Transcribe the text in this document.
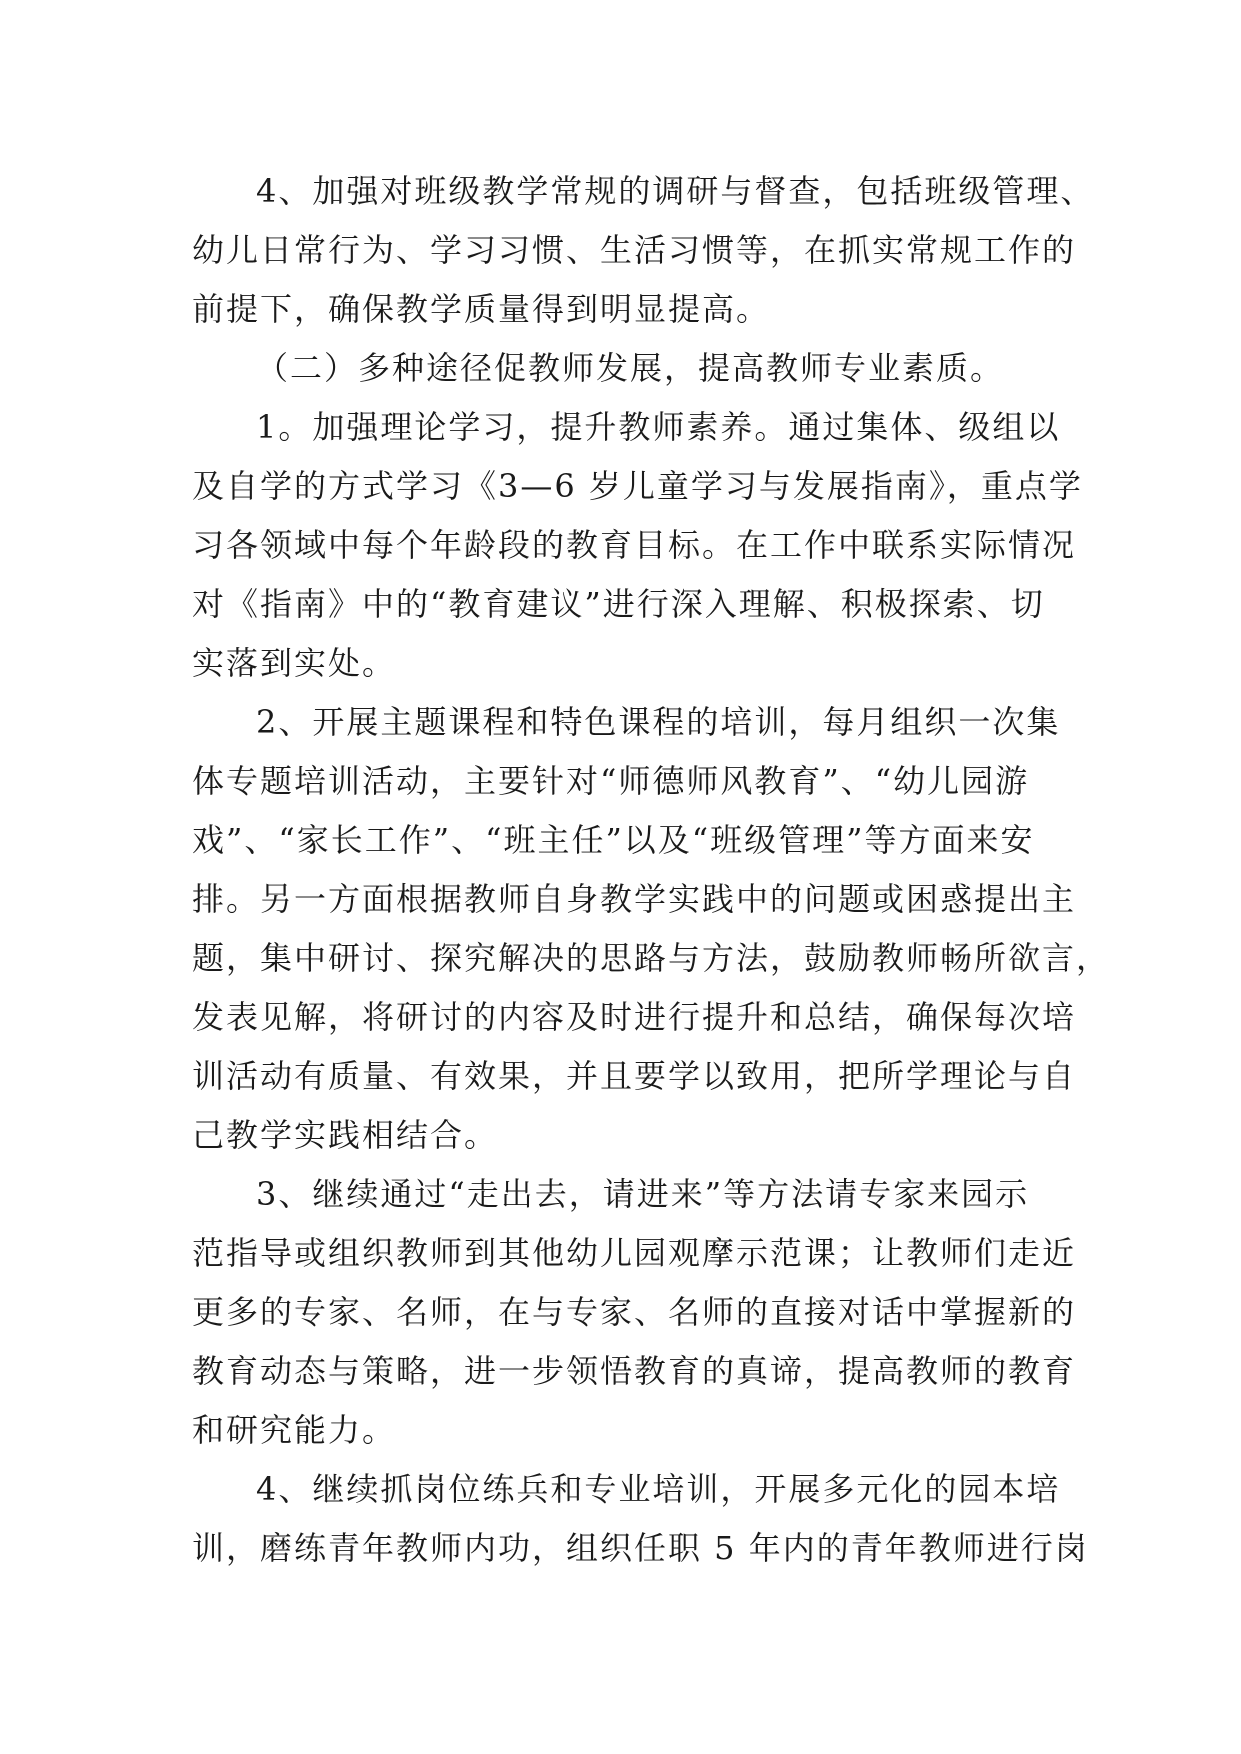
4、加强对班级教学常规的调研与督查，包括班级管理、
幼儿日常行为、学习习惯、生活习惯等，在抓实常规工作的
前提下，确保教学质量得到明显提高。
（二）多种途径促教师发展，提高教师专业素质。
1。加强理论学习，提升教师素养。通过集体、级组以
及自学的方式学习《3—6 岁儿童学习与发展指南》，重点学
习各领域中每个年龄段的教育目标。在工作中联系实际情况
对《指南》中的“教育建议”进行深入理解、积极探索、切
实落到实处。
2、开展主题课程和特色课程的培训，每月组织一次集
体专题培训活动，主要针对“师德师风教育”、“幼儿园游
戏”、“家长工作”、“班主任”以及“班级管理”等方面来安
排。另一方面根据教师自身教学实践中的问题或困惑提出主
题，集中研讨、探究解决的思路与方法，鼓励教师畅所欲言，
发表见解，将研讨的内容及时进行提升和总结，确保每次培
训活动有质量、有效果，并且要学以致用，把所学理论与自
己教学实践相结合。
3、继续通过“走出去，请进来”等方法请专家来园示
范指导或组织教师到其他幼儿园观摩示范课；让教师们走近
更多的专家、名师，在与专家、名师的直接对话中掌握新的
教育动态与策略，进一步领悟教育的真谛，提高教师的教育
和研究能力。
4、继续抓岗位练兵和专业培训，开展多元化的园本培
训，磨练青年教师内功，组织任职 5 年内的青年教师进行岗
